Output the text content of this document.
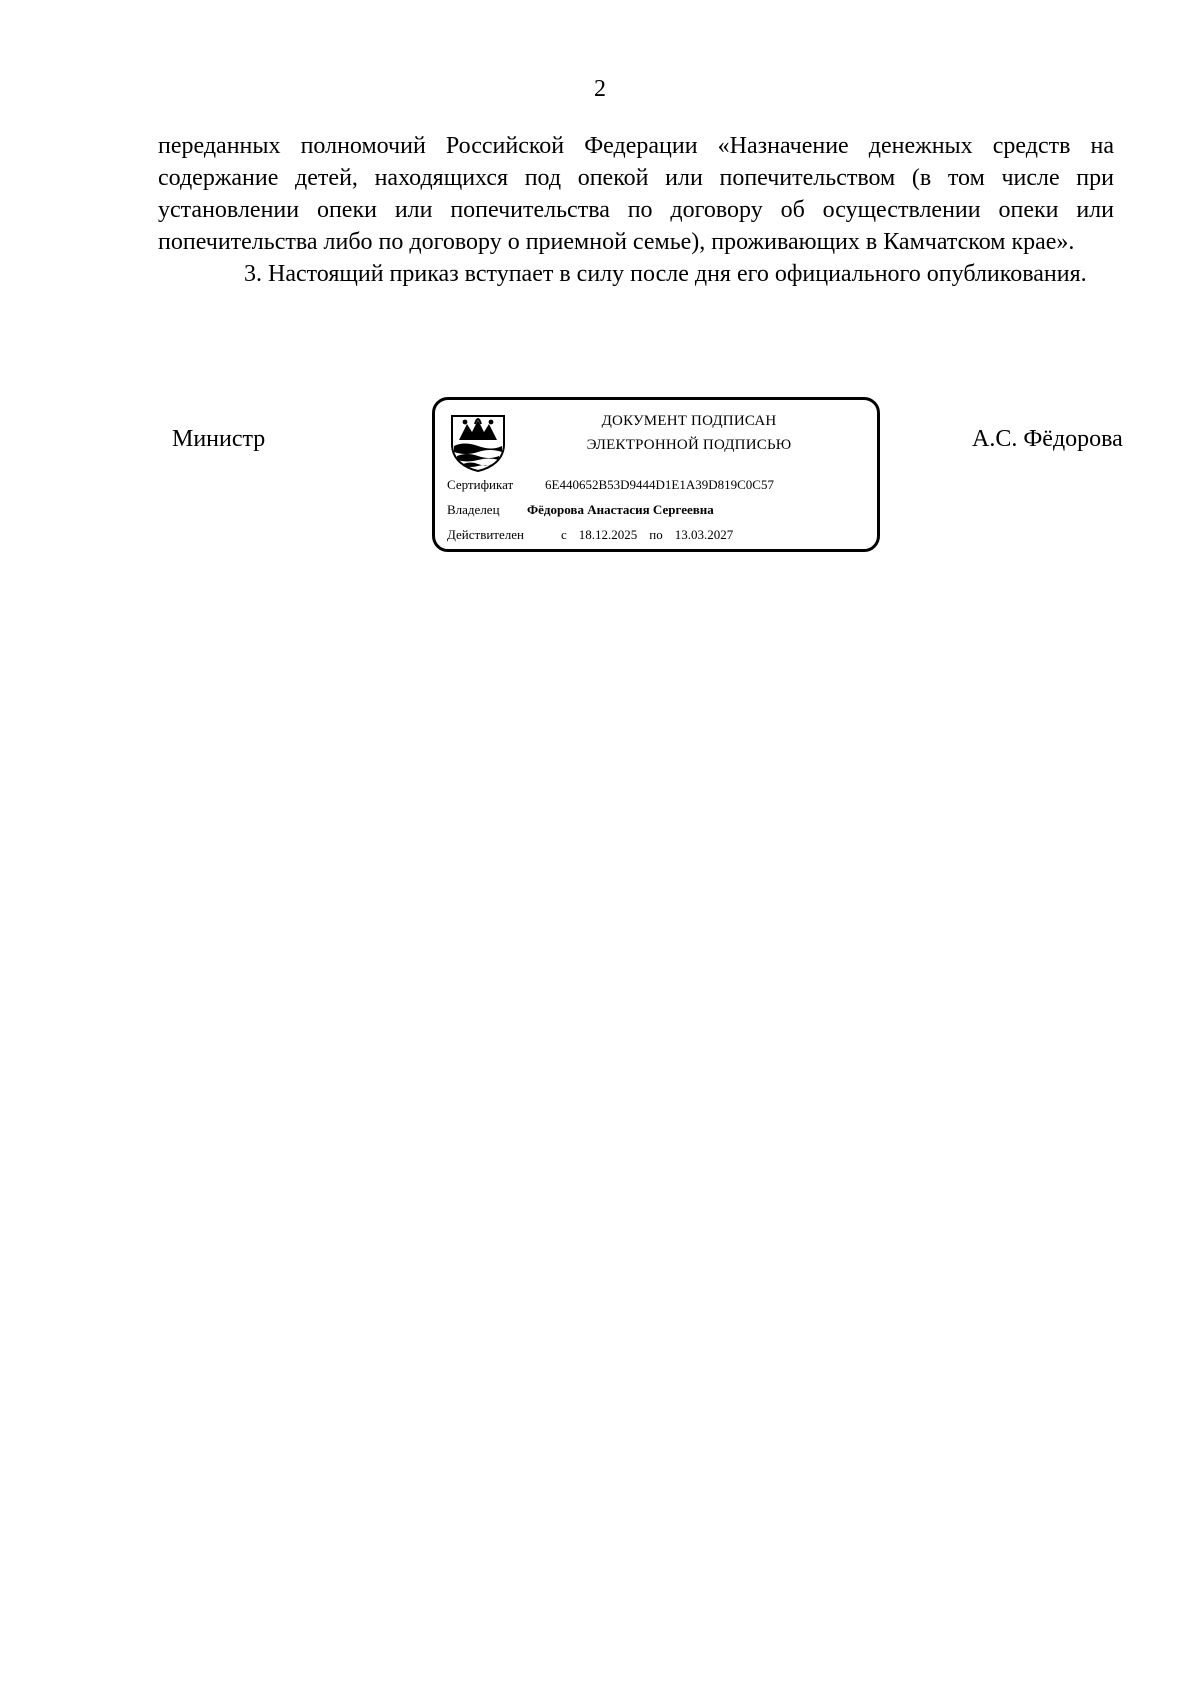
2

переданных полномочий Российской Федерации «Назначение денежных средств на содержание детей, находящихся под опекой или попечительством (в том числе при установлении опеки или попечительства по договору об осуществлении опеки или попечительства либо по договору о приемной семье), проживающих в Камчатском крае».

3. Настоящий приказ вступает в силу после дня его официального опубликования.

Министр
ДОКУМЕНТ ПОДПИСАН
ЭЛЕКТРОННОЙ ПОДПИСЬЮ
Сертификат 6E440652B53D9444D1E1A39D819C0C57
Владелец Фёдорова Анастасия Сергеевна
Действителен	с 18.12.2025 по 13.03.2027
А.С. Фёдорова
